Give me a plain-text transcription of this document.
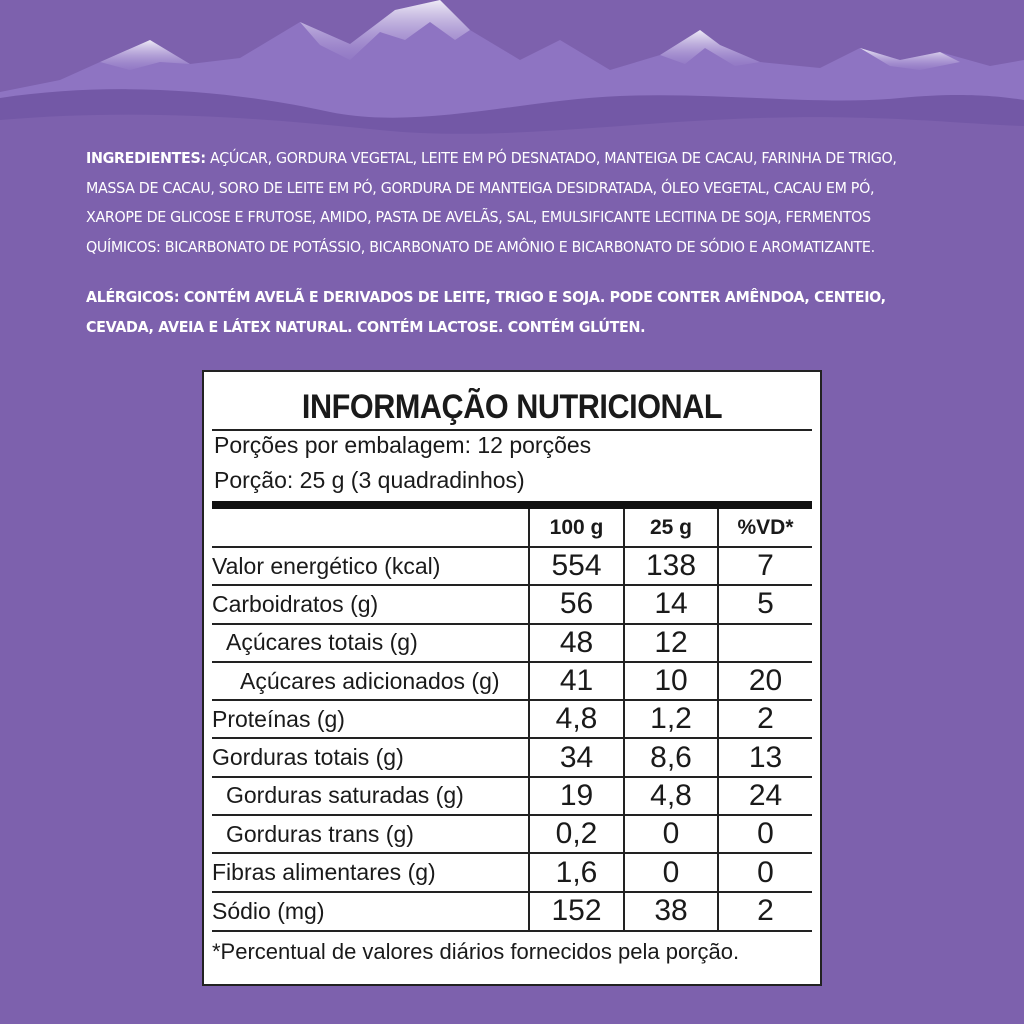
INGREDIENTES: AÇÚCAR, GORDURA VEGETAL, LEITE EM PÓ DESNATADO, MANTEIGA DE CACAU, FARINHA DE TRIGO, MASSA DE CACAU, SORO DE LEITE EM PÓ, GORDURA DE MANTEIGA DESIDRATADA, ÓLEO VEGETAL, CACAU EM PÓ, XAROPE DE GLICOSE E FRUTOSE, AMIDO, PASTA DE AVELÃS, SAL, EMULSIFICANTE LECITINA DE SOJA, FERMENTOS QUÍMICOS: BICARBONATO DE POTÁSSIO, BICARBONATO DE AMÔNIO E BICARBONATO DE SÓDIO E AROMATIZANTE.
ALÉRGICOS: CONTÉM AVELÃ E DERIVADOS DE LEITE, TRIGO E SOJA. PODE CONTER AMÊNDOA, CENTEIO, CEVADA, AVEIA E LÁTEX NATURAL. CONTÉM LACTOSE. CONTÉM GLÚTEN.
INFORMAÇÃO NUTRICIONAL
Porções por embalagem: 12 porções
Porção: 25 g (3 quadradinhos)
	100 g	25 g	%VD*
Valor energético (kcal)	554	138	7
Carboidratos (g)	56	14	5
Açúcares totais (g)	48	12	
Açúcares adicionados (g)	41	10	20
Proteínas (g)	4,8	1,2	2
Gorduras totais (g)	34	8,6	13
Gorduras saturadas (g)	19	4,8	24
Gorduras trans (g)	0,2	0	0
Fibras alimentares (g)	1,6	0	0
Sódio (mg)	152	38	2
*Percentual de valores diários fornecidos pela porção.
